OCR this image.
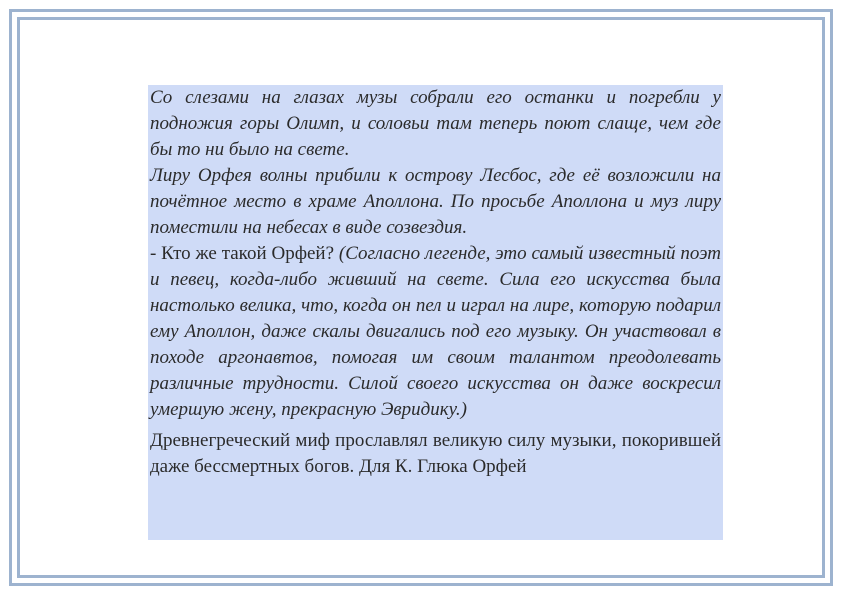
Со слезами на глазах музы собрали его останки и погребли у подножия горы Олимп, и соловьи там теперь поют слаще, чем где бы то ни было на свете.

Лиру Орфея волны прибили к острову Лесбос, где её возложили на почётное место в храме Аполлона. По просьбе Аполлона и муз лиру поместили на небесах в виде созвездия.

- Кто же такой Орфей? (Согласно легенде, это самый известный поэт и певец, когда-либо живший на свете. Сила его искусства была настолько велика, что, когда он пел и играл на лире, которую подарил ему Аполлон, даже скалы двигались под его музыку. Он участвовал в походе аргонавтов, помогая им своим талантом преодолевать различные трудности. Силой своего искусства он даже воскресил умершую жену, прекрасную Эвридику.)

Древнегреческий миф прославлял великую силу музыки, покорившей даже бессмертных богов. Для К. Глюка Орфей
